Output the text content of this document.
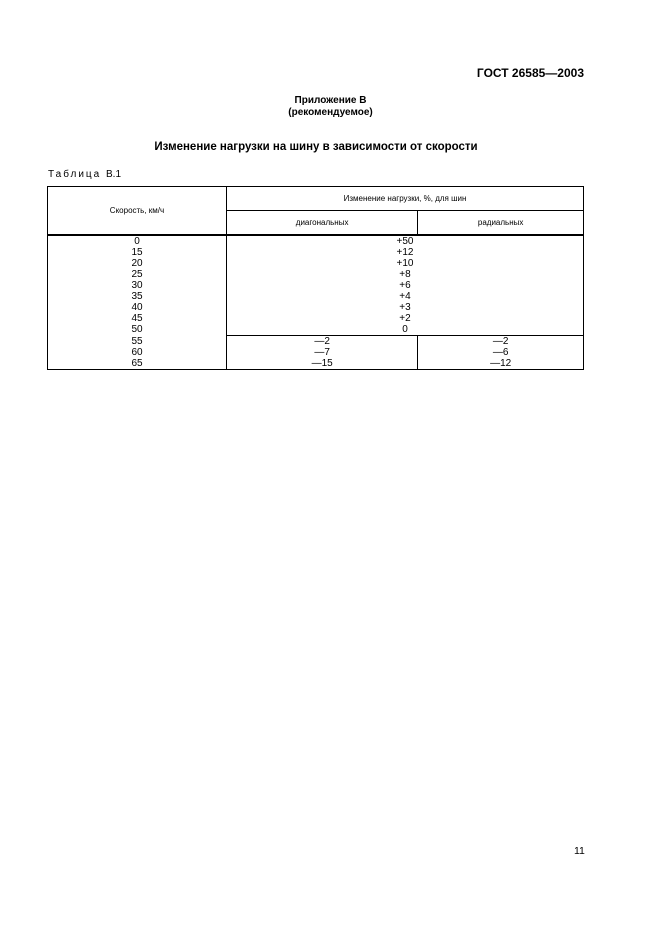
ГОСТ 26585—2003
Приложение В
(рекомендуемое)
Изменение нагрузки на шину в зависимости от скорости
Таблица В.1
Скорость, км/ч	Изменение нагрузки, %, для шин	
	диагональных	радиальных
0	+50	
15	+12	
20	+10	
25	+8	
30	+6	
35	+4	
40	+3	
45	+2	
50	0	
55	—2	—2
60	—7	—6
65	—15	—12
11
